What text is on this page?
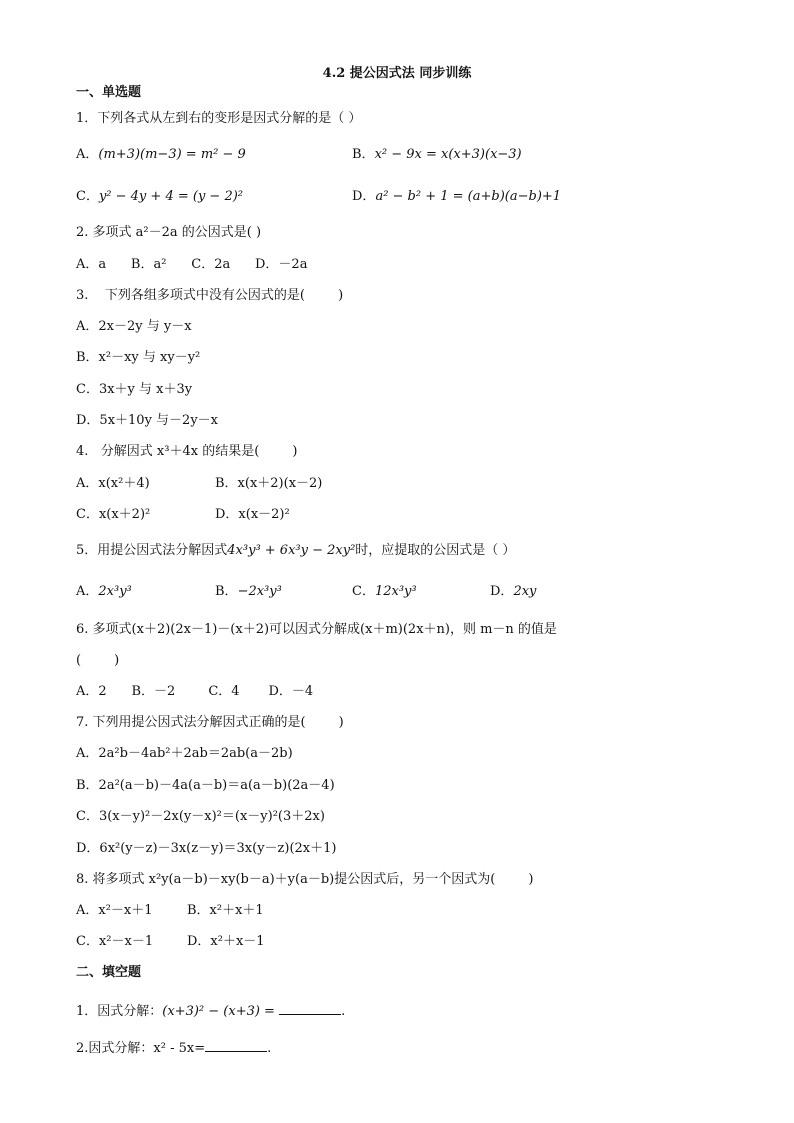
4.2 提公因式法 同步训练
一、单选题
1．下列各式从左到右的变形是因式分解的是（ ）
A．(m+3)(m−3) = m² − 9	B．x² − 9x = x(x+3)(x−3)
C．y² − 4y + 4 = (y − 2)²	D．a² − b² + 1 = (a+b)(a−b)+1
2. 多项式 a²－2a 的公因式是( )
A．a      B．a²      C．2a      D．－2a
3.    下列各组多项式中没有公因式的是(        )
A．2x－2y 与 y－x
B．x²－xy 与 xy－y²
C．3x＋y 与 x＋3y
D．5x＋10y 与－2y－x
4.   分解因式 x³＋4x 的结果是(        )
A．x(x²＋4)	B．x(x＋2)(x－2)
C．x(x＋2)²	D．x(x－2)²
5．用提公因式法分解因式4x³y³ + 6x³y − 2xy²时，应提取的公因式是（ ）
A．2x³y³	B．−2x³y³	C．12x³y³	D．2xy
6. 多项式(x＋2)(2x－1)－(x＋2)可以因式分解成(x＋m)(2x＋n)，则 m－n 的值是
(        )
A．2      B．－2        C．4       D．－4
7. 下列用提公因式法分解因式正确的是(        )
A．2a²b－4ab²＋2ab＝2ab(a－2b)
B．2a²(a－b)－4a(a－b)＝a(a－b)(2a－4)
C．3(x－y)²－2x(y－x)²＝(x－y)²(3＋2x)
D．6x²(y－z)－3x(z－y)＝3x(y－z)(2x＋1)
8. 将多项式 x²y(a－b)－xy(b－a)＋y(a－b)提公因式后，另一个因式为(        )
A．x²－x＋1	B．x²＋x＋1
C．x²－x－1	D．x²＋x－1
二、填空题
1．因式分解：(x+3)² − (x+3) =	.
2.因式分解：x² - 5x=	.
